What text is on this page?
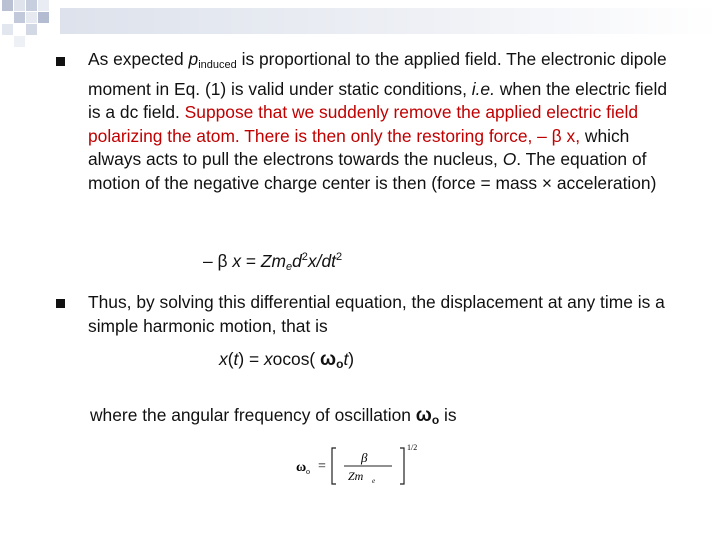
As expected $p_{induced}$ is proportional to the applied field. The electronic dipole moment in Eq. (1) is valid under static conditions, i.e. when the electric field is a dc field. Suppose that we suddenly remove the applied electric field polarizing the atom. There is then only the restoring force, – β x, which always acts to pull the electrons towards the nucleus, O. The equation of motion of the negative charge center is then (force = mass × acceleration)
– β $x = Zm_ed^2x/dt^2$
Thus, by solving this differential equation, the displacement at any time is a simple harmonic motion, that is
x(t) = xocos( ωot)
where the angular frequency of oscillation ωo is
ω o =
β
Zm e
1/2
